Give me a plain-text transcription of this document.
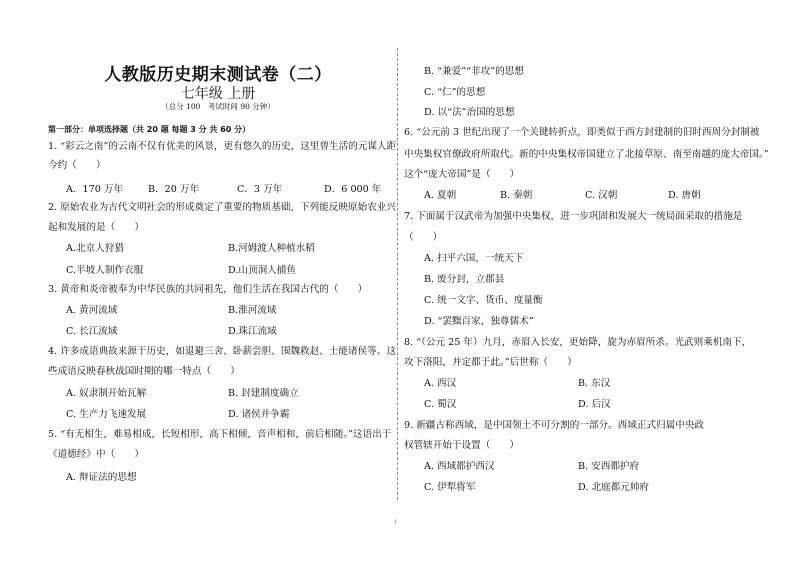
人教版历史期末测试卷（二）
七年级 上册
（总分 100　考试时间 90 分钟）
第一部分：单项选择题（共 20 题 每题 3 分 共 60 分）
1. “彩云之南”的云南不仅有优美的风景，更有悠久的历史，这里曾生活的元谋人距
今约（　　）
A．170 万年	B．20 万年	C．3 万年	D．6 000 年
2. 原始农业为古代文明社会的形成奠定了重要的物质基础，下列能反映原始农业兴
起和发展的是（　　）
A.北京人狩猎	B.河姆渡人种植水稻
C.半坡人制作衣服	D.山顶洞人捕鱼
3. 黄帝和炎帝被奉为中华民族的共同祖先，他们生活在我国古代的（　　）
A. 黄河流域	B.淮河流域
C. 长江流域	D.珠江流域
4. 许多成语典故来源于历史，如退避三舍、卧薪尝胆、围魏救赵、士能诸侯等。这
些成语反映春秋战国时期的哪一特点（　　）
A. 奴隶制开始瓦解	B. 封建制度确立
C. 生产力飞速发展	D. 诸侯并争霸
5. “有无相生，难易相成，长短相形，高下相倾，音声相和，前后相随。”这语出于
《道德经》中（　　）
A. 辩证法的思想
B. “兼爱”“非攻”的思想
C. “仁”的思想
D. 以“法”治国的思想
6. “公元前 3 世纪出现了一个关键转折点，即类似于西方封建制的旧时西周分封制被
中央集权官僚政府所取代。新的中央集权帝国建立了北接草原、南至南越的庞大帝国。”
这个“庞大帝国”是（　　）
A. 夏朝	B. 秦朝	C. 汉朝	D. 唐朝
7. 下面属于汉武帝为加强中央集权，进一步巩固和发展大一统局面采取的措施是
（　　）
A. 扫平六国，一统天下
B. 废分封，立郡县
C. 统一文字、货币、度量衡
D. “罢黜百家，独尊儒术”
8. “（公元 25 年）九月，赤眉入长安，更始降，旋为赤眉所杀。光武则乘机南下，
攻下洛阳，并定都于此。”后世称（　　）
A. 西汉	B. 东汉
C. 蜀汉	D. 后汉
9. 新疆古称西域，是中国领土不可分割的一部分。西域正式归属中央政
权管辖开始于设置（　　）
A. 西域都护西汉	B. 安西都护府
C. 伊犁将军	D. 北庭都元帅府
1
